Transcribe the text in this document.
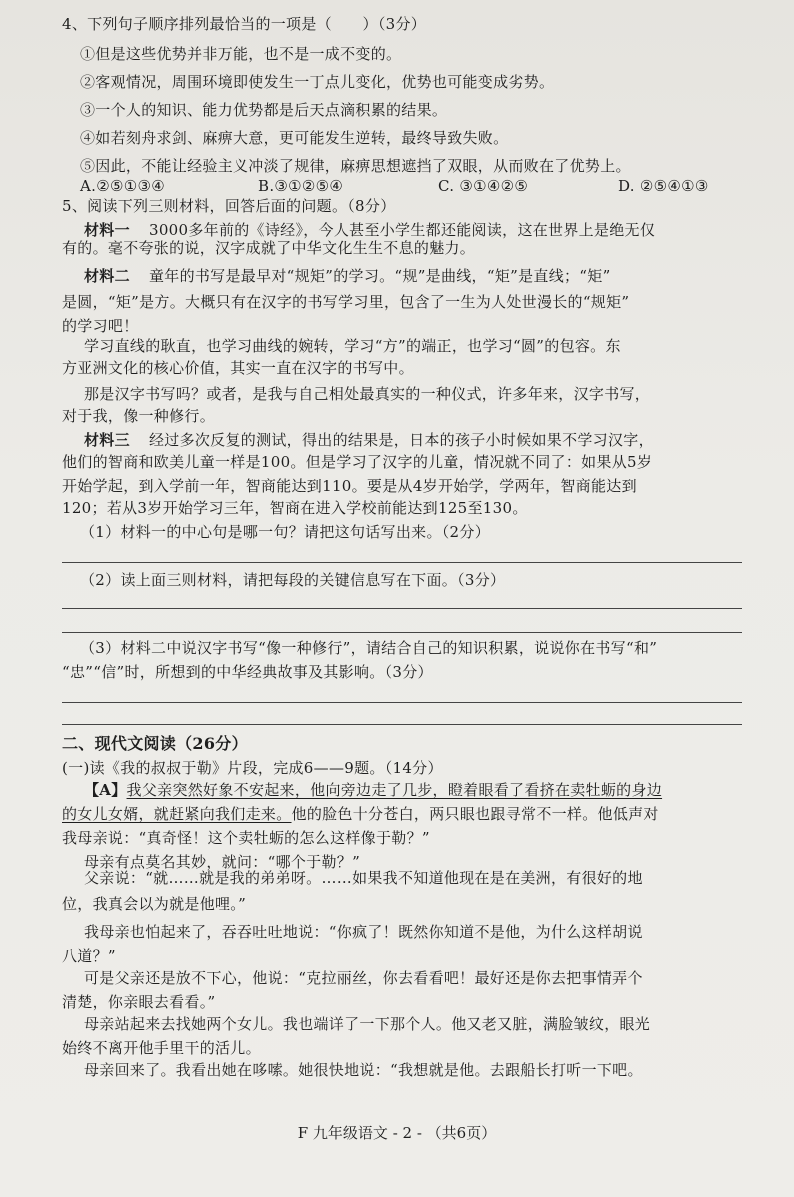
4、下列句子顺序排列最恰当的一项是（　　）（3分）
①但是这些优势并非万能，也不是一成不变的。
②客观情况，周围环境即使发生一丁点儿变化，优势也可能变成劣势。
③一个人的知识、能力优势都是后天点滴积累的结果。
④如若刻舟求剑、麻痹大意，更可能发生逆转，最终导致失败。
⑤因此，不能让经验主义冲淡了规律，麻痹思想遮挡了双眼，从而败在了优势上。
A.②⑤①③④	B.③①②⑤④	C. ③①④②⑤	D. ②⑤④①③
5、阅读下列三则材料，回答后面的问题。（8分）
材料一 3000多年前的《诗经》，今人甚至小学生都还能阅读，这在世界上是绝无仅
有的。毫不夸张的说，汉字成就了中华文化生生不息的魅力。
材料二 童年的书写是最早对“规矩”的学习。“规”是曲线，“矩”是直线；“矩”
是圆，“矩”是方。大概只有在汉字的书写学习里，包含了一生为人处世漫长的“规矩”
的学习吧！
学习直线的耿直，也学习曲线的婉转，学习“方”的端正，也学习“圆”的包容。东
方亚洲文化的核心价值，其实一直在汉字的书写中。
那是汉字书写吗？或者，是我与自己相处最真实的一种仪式，许多年来，汉字书写，
对于我，像一种修行。
材料三 经过多次反复的测试，得出的结果是，日本的孩子小时候如果不学习汉字，
他们的智商和欧美儿童一样是100。但是学习了汉字的儿童，情况就不同了：如果从5岁
开始学起，到入学前一年，智商能达到110。要是从4岁开始学，学两年，智商能达到
120；若从3岁开始学习三年，智商在进入学校前能达到125至130。
（1）材料一的中心句是哪一句？请把这句话写出来。（2分）
（2）读上面三则材料，请把每段的关键信息写在下面。（3分）
（3）材料二中说汉字书写“像一种修行”，请结合自己的知识积累，说说你在书写“和”
“忠”“信”时，所想到的中华经典故事及其影响。（3分）
二、现代文阅读（26分）
(一)读《我的叔叔于勒》片段，完成6——9题。（14分）
【A】我父亲突然好象不安起来，他向旁边走了几步，瞪着眼看了看挤在卖牡蛎的身边
的女儿女婿，就赶紧向我们走来。他的脸色十分苍白，两只眼也跟寻常不一样。他低声对
我母亲说：“真奇怪！这个卖牡蛎的怎么这样像于勒？”
母亲有点莫名其妙，就问：“哪个于勒？”
父亲说：“就……就是我的弟弟呀。……如果我不知道他现在是在美洲，有很好的地
位，我真会以为就是他哩。”
我母亲也怕起来了，吞吞吐吐地说：“你疯了！既然你知道不是他，为什么这样胡说
八道？”
可是父亲还是放不下心，他说：“克拉丽丝，你去看看吧！最好还是你去把事情弄个
清楚，你亲眼去看看。”
母亲站起来去找她两个女儿。我也端详了一下那个人。他又老又脏，满脸皱纹，眼光
始终不离开他手里干的活儿。
母亲回来了。我看出她在哆嗦。她很快地说：“我想就是他。去跟船长打听一下吧。
F 九年级语文 - 2 - （共6页）
